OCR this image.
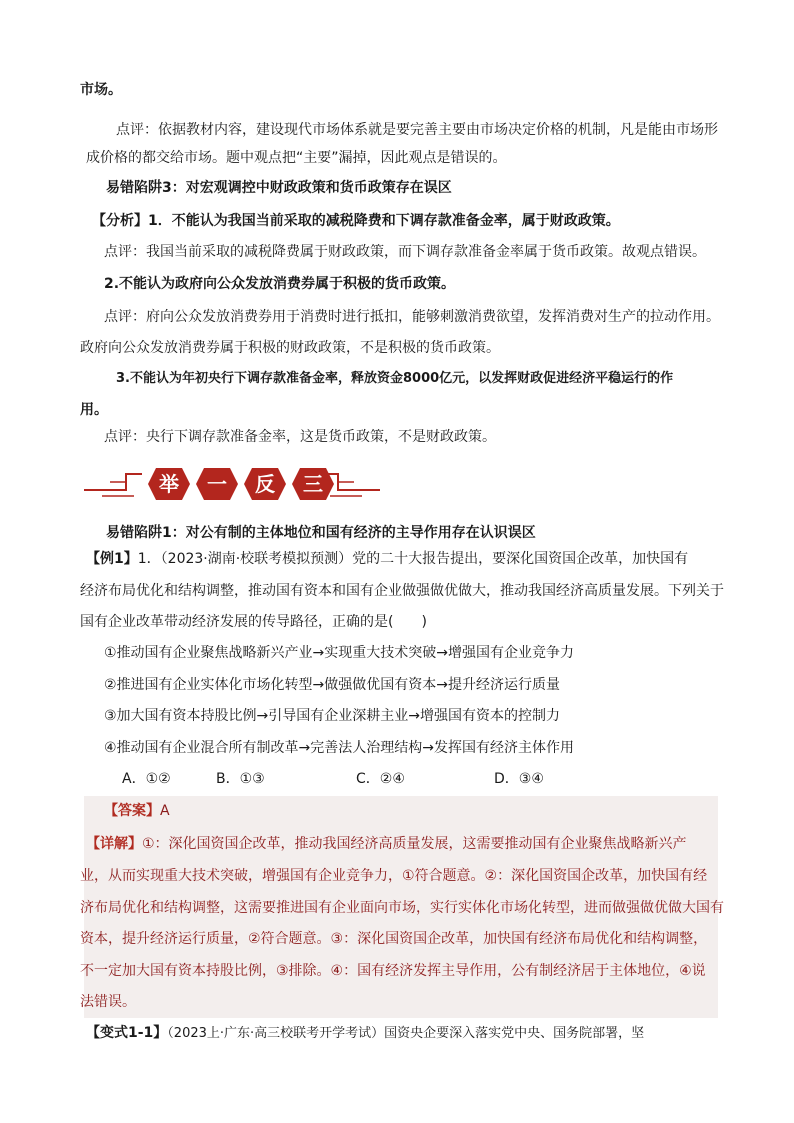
市场。
点评：依据教材内容，建设现代市场体系就是要完善主要由市场决定价格的机制，凡是能由市场形
成价格的都交给市场。题中观点把“主要”漏掉，因此观点是错误的。
易错陷阱3：对宏观调控中财政政策和货币政策存在误区
【分析】1．不能认为我国当前采取的减税降费和下调存款准备金率，属于财政政策。
点评：我国当前采取的减税降费属于财政政策，而下调存款准备金率属于货币政策。故观点错误。
2.不能认为政府向公众发放消费券属于积极的货币政策。
点评：府向公众发放消费券用于消费时进行抵扣，能够刺激消费欲望，发挥消费对生产的拉动作用。
政府向公众发放消费券属于积极的财政政策，不是积极的货币政策。
3.不能认为年初央行下调存款准备金率，释放资金8000亿元，以发挥财政促进经济平稳运行的作
用。
点评：央行下调存款准备金率，这是货币政策，不是财政政策。
举 一 反 三
易错陷阱1：对公有制的主体地位和国有经济的主导作用存在认识误区
【例1】1．（2023·湖南·校联考模拟预测）党的二十大报告提出，要深化国资国企改革，加快国有
经济布局优化和结构调整，推动国有资本和国有企业做强做优做大，推动我国经济高质量发展。下列关于
国有企业改革带动经济发展的传导路径，正确的是(　　)
①推动国有企业聚焦战略新兴产业→实现重大技术突破→增强国有企业竞争力
②推进国有企业实体化市场化转型→做强做优国有资本→提升经济运行质量
③加大国有资本持股比例→引导国有企业深耕主业→增强国有资本的控制力
④推动国有企业混合所有制改革→完善法人治理结构→发挥国有经济主体作用
A．①②	B．①③	C．②④	D．③④
【答案】A
【详解】①：深化国资国企改革，推动我国经济高质量发展，这需要推动国有企业聚焦战略新兴产
业，从而实现重大技术突破，增强国有企业竞争力，①符合题意。②：深化国资国企改革，加快国有经
济布局优化和结构调整，这需要推进国有企业面向市场，实行实体化市场化转型，进而做强做优做大国有
资本，提升经济运行质量，②符合题意。③：深化国资国企改革，加快国有经济布局优化和结构调整，
不一定加大国有资本持股比例，③排除。④：国有经济发挥主导作用，公有制经济居于主体地位，④说
法错误。
【变式1-1】（2023上·广东·高三校联考开学考试）国资央企要深入落实党中央、国务院部署，坚
